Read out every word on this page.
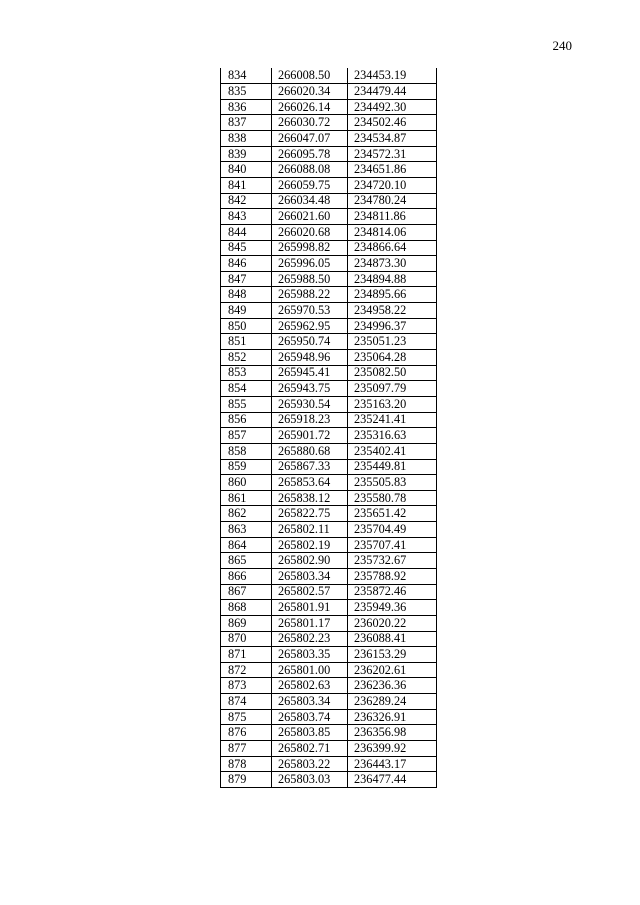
240
834	266008.50	234453.19
835	266020.34	234479.44
836	266026.14	234492.30
837	266030.72	234502.46
838	266047.07	234534.87
839	266095.78	234572.31
840	266088.08	234651.86
841	266059.75	234720.10
842	266034.48	234780.24
843	266021.60	234811.86
844	266020.68	234814.06
845	265998.82	234866.64
846	265996.05	234873.30
847	265988.50	234894.88
848	265988.22	234895.66
849	265970.53	234958.22
850	265962.95	234996.37
851	265950.74	235051.23
852	265948.96	235064.28
853	265945.41	235082.50
854	265943.75	235097.79
855	265930.54	235163.20
856	265918.23	235241.41
857	265901.72	235316.63
858	265880.68	235402.41
859	265867.33	235449.81
860	265853.64	235505.83
861	265838.12	235580.78
862	265822.75	235651.42
863	265802.11	235704.49
864	265802.19	235707.41
865	265802.90	235732.67
866	265803.34	235788.92
867	265802.57	235872.46
868	265801.91	235949.36
869	265801.17	236020.22
870	265802.23	236088.41
871	265803.35	236153.29
872	265801.00	236202.61
873	265802.63	236236.36
874	265803.34	236289.24
875	265803.74	236326.91
876	265803.85	236356.98
877	265802.71	236399.92
878	265803.22	236443.17
879	265803.03	236477.44
